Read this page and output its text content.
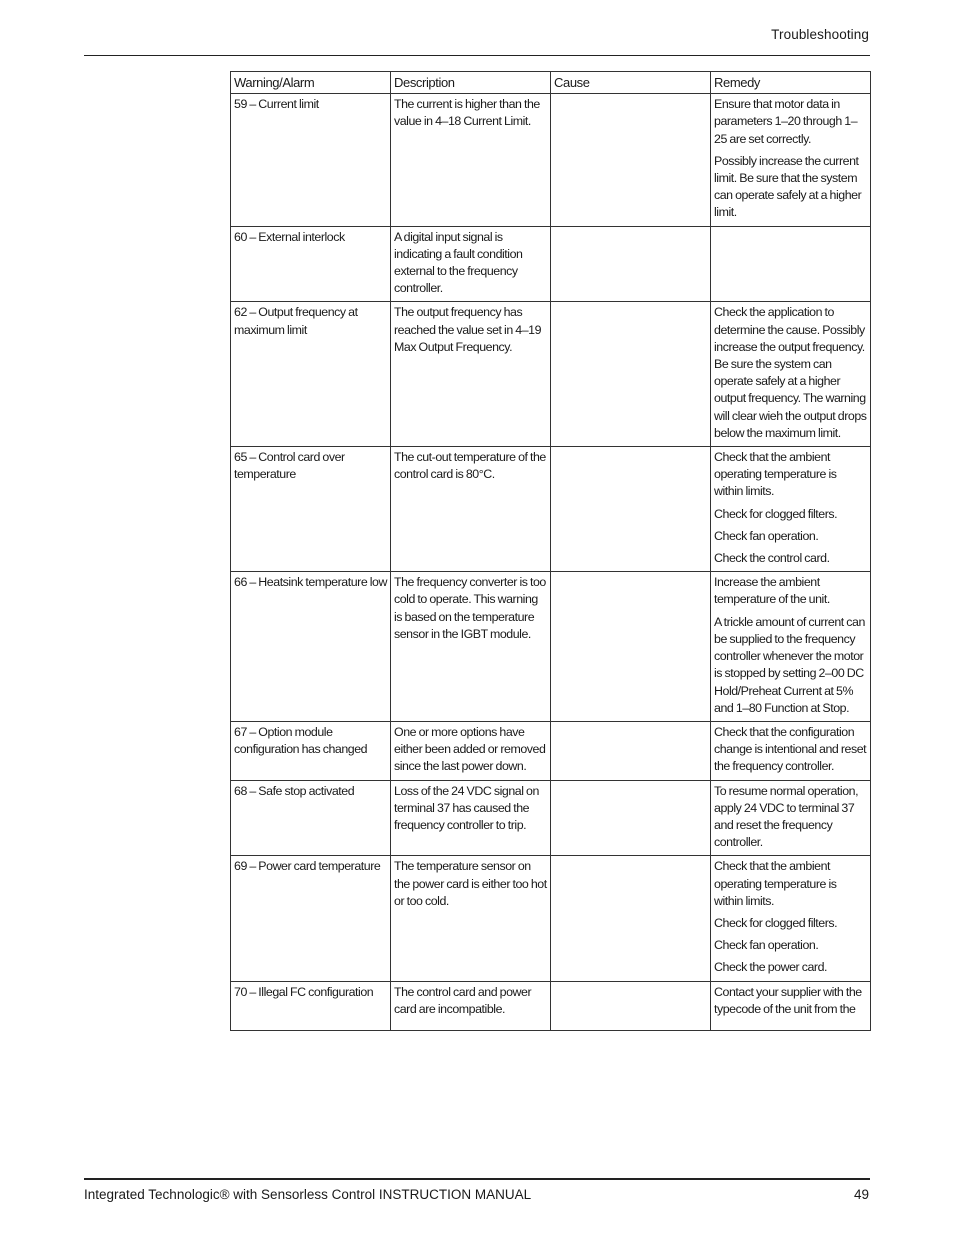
Troubleshooting
Warning/Alarm	Description	Cause	Remedy
59 – Current limit	The current is higher than the value in 4–18 Current Limit.		Ensure that motor data in parameters 1–20 through 1–25 are set correctly.

Possibly increase the current limit. Be sure that the system can operate safely at a higher limit.

60 – External interlock	A digital input signal is indicating a fault condition external to the frequency controller.		
62 – Output frequency at maximum limit	The output frequency has reached the value set in 4–19 Max Output Frequency.		Check the application to determine the cause. Possibly increase the output frequency. Be sure the system can operate safely at a higher output frequency. The warning will clear wieh the output drops below the maximum limit.

65 – Control card over temperature	The cut-out temperature of the control card is 80°C.		Check that the ambient operating temperature is within limits.

Check for clogged filters.

Check fan operation.

Check the control card.

66 – Heatsink temperature low	The frequency converter is too cold to operate. This warning is based on the temperature sensor in the IGBT module.		Increase the ambient temperature of the unit.

A trickle amount of current can be supplied to the frequency controller whenever the motor is stopped by setting 2–00 DC Hold/Preheat Current at 5% and 1–80 Function at Stop.

67 – Option module configuration has changed	One or more options have either been added or removed since the last power down.		Check that the configuration change is intentional and reset the frequency controller.

68 – Safe stop activated	Loss of the 24 VDC signal on terminal 37 has caused the frequency controller to trip.		To resume normal operation, apply 24 VDC to terminal 37 and reset the frequency controller.

69 – Power card temperature	The temperature sensor on the power card is either too hot or too cold.		Check that the ambient operating temperature is within limits.

Check for clogged filters.

Check fan operation.

Check the power card.

70 – Illegal FC configuration	The control card and power card are incompatible.		Contact your supplier with the typecode of the unit from the

Integrated Technologic® with Sensorless Control INSTRUCTION MANUAL	49
